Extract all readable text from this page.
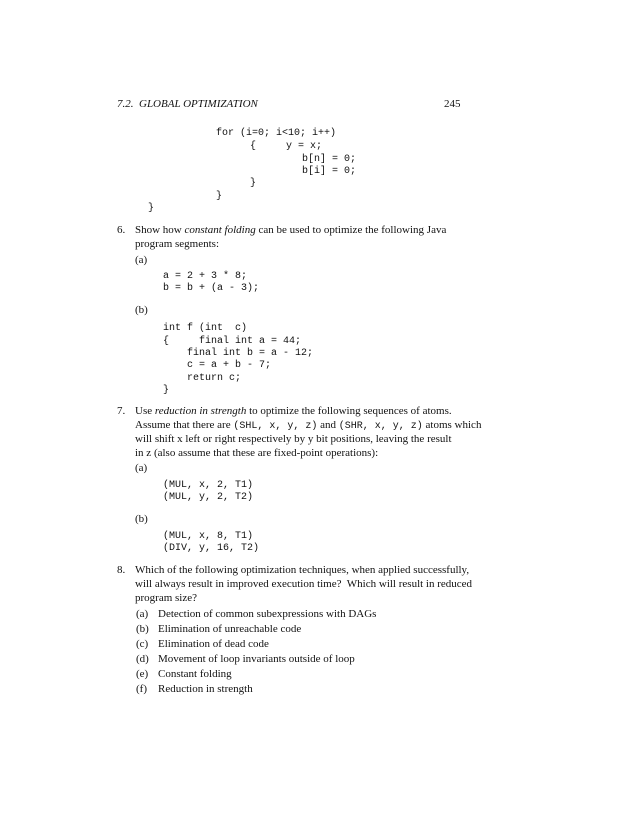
7.2.  GLOBAL OPTIMIZATION	245
for (i=0; i<10; i++)
{     y = x;
b[n] = 0;
b[i] = 0;
}
}
}
6. Show how constant folding can be used to optimize the following Java
program segments:
(a)
a = 2 + 3 * 8;
b = b + (a - 3);
(b)
int f (int  c)
{     final int a = 44;
final int b = a - 12;
c = a + b - 7;
return c;
}
7. Use reduction in strength to optimize the following sequences of atoms.
Assume that there are (SHL, x, y, z) and (SHR, x, y, z) atoms which
will shift x left or right respectively by y bit positions, leaving the result
in z (also assume that these are fixed-point operations):
(a)
(MUL, x, 2, T1)
(MUL, y, 2, T2)
(b)
(MUL, x, 8, T1)
(DIV, y, 16, T2)
8. Which of the following optimization techniques, when applied successfully,
will always result in improved execution time?  Which will result in reduced
program size?
(a) Detection of common subexpressions with DAGs
(b) Elimination of unreachable code
(c) Elimination of dead code
(d) Movement of loop invariants outside of loop
(e) Constant folding
(f) Reduction in strength
